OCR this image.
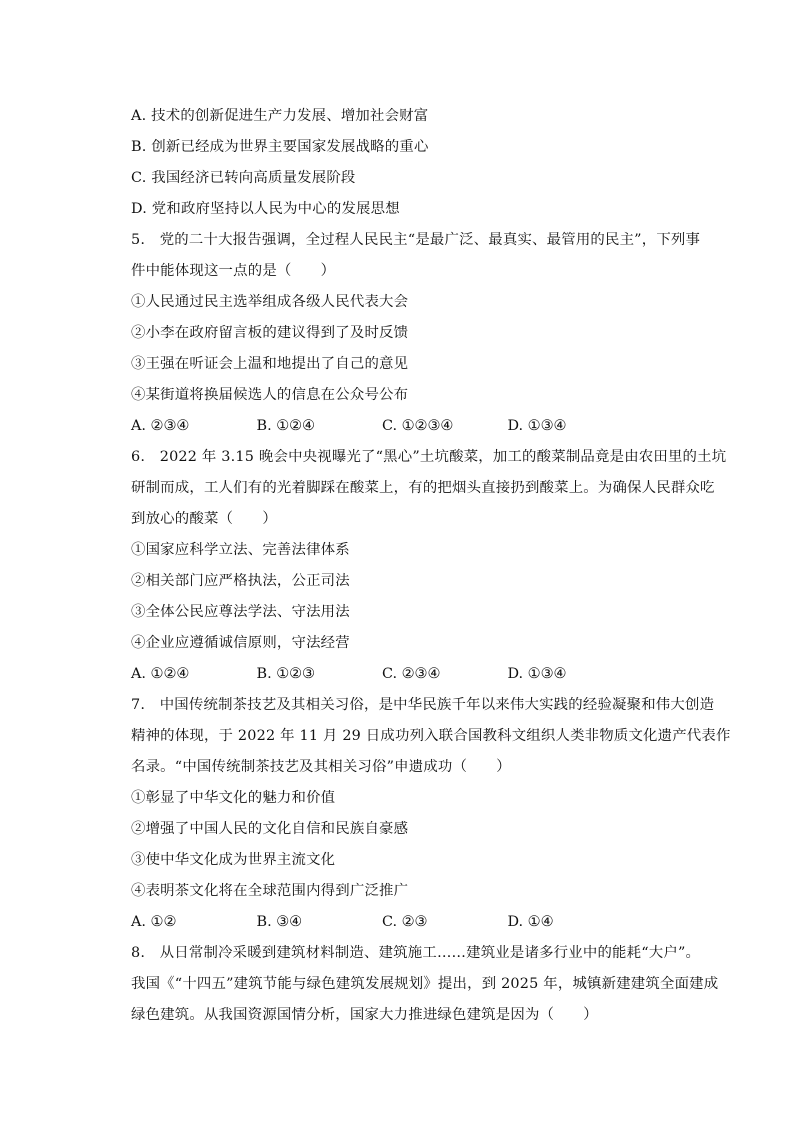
A. 技术的创新促进生产力发展、增加社会财富
B. 创新已经成为世界主要国家发展战略的重心
C. 我国经济已转向高质量发展阶段
D. 党和政府坚持以人民为中心的发展思想
5.　党的二十大报告强调，全过程人民民主“是最广泛、最真实、最管用的民主”，下列事
件中能体现这一点的是（　　）
①人民通过民主选举组成各级人民代表大会
②小李在政府留言板的建议得到了及时反馈
③王强在听证会上温和地提出了自己的意见
④某街道将换届候选人的信息在公众号公布
A. ②③④	B. ①②④	C. ①②③④	D. ①③④
6.　2022 年 3.15 晚会中央视曝光了“黑心”土坑酸菜，加工的酸菜制品竟是由农田里的土坑
研制而成，工人们有的光着脚踩在酸菜上，有的把烟头直接扔到酸菜上。为确保人民群众吃
到放心的酸菜（　　）
①国家应科学立法、完善法律体系
②相关部门应严格执法，公正司法
③全体公民应尊法学法、守法用法
④企业应遵循诚信原则，守法经营
A. ①②④	B. ①②③	C. ②③④	D. ①③④
7.　中国传统制茶技艺及其相关习俗，是中华民族千年以来伟大实践的经验凝聚和伟大创造
精神的体现，于 2022 年 11 月 29 日成功列入联合国教科文组织人类非物质文化遗产代表作
名录。“中国传统制茶技艺及其相关习俗”申遗成功（　　）
①彰显了中华文化的魅力和价值
②增强了中国人民的文化自信和民族自豪感
③使中华文化成为世界主流文化
④表明茶文化将在全球范围内得到广泛推广
A. ①②	B. ③④	C. ②③	D. ①④
8.　从日常制冷采暖到建筑材料制造、建筑施工……建筑业是诸多行业中的能耗“大户”。
我国《“十四五”建筑节能与绿色建筑发展规划》提出，到 2025 年，城镇新建建筑全面建成
绿色建筑。从我国资源国情分析，国家大力推进绿色建筑是因为（　　）
